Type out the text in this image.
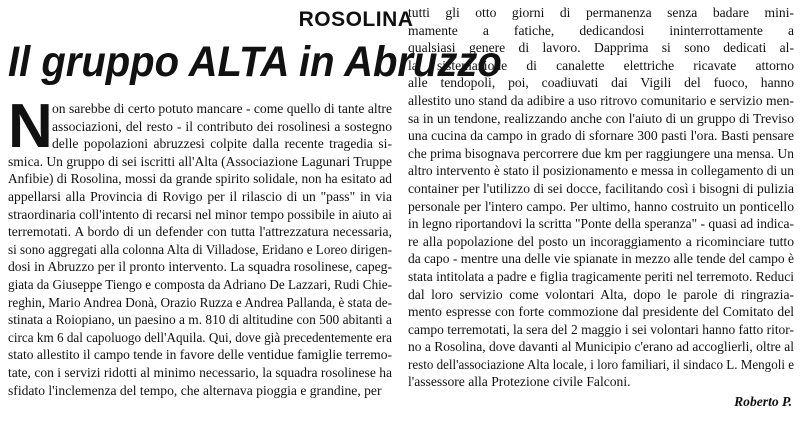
ROSOLINA
Il gruppo ALTA in Abruzzo
N on sarebbe di certo potuto mancare - come quello di tante altre
associazioni, del resto - il contributo dei rosolinesi a sostegno
delle popolazioni abruzzesi colpite dalla recente tragedia si-
smica. Un gruppo di sei iscritti all'Alta (Associazione Lagunari Truppe
Anfibie) di Rosolina, mossi da grande spirito solidale, non ha esitato ad
appellarsi alla Provincia di Rovigo per il rilascio di un "pass" in via
straordinaria coll'intento di recarsi nel minor tempo possibile in aiuto ai
terremotati. A bordo di un defender con tutta l'attrezzatura necessaria,
si sono aggregati alla colonna Alta di Villadose, Eridano e Loreo dirigen-
dosi in Abruzzo per il pronto intervento. La squadra rosolinese, capeg-
giata da Giuseppe Tiengo e composta da Adriano De Lazzari, Rudi Chie-
reghin, Mario Andrea Donà, Orazio Ruzza e Andrea Pallanda, è stata de-
stinata a Roiopiano, un paesino a m. 810 di altitudine con 500 abitanti a
circa km 6 dal capoluogo dell'Aquila. Qui, dove già precedentemente era
stato allestito il campo tende in favore delle ventidue famiglie terremo-
tate, con i servizi ridotti al minimo necessario, la squadra rosolinese ha
sfidato l'inclemenza del tempo, che alternava pioggia e grandine, per
tutti gli otto giorni di permanenza senza badare mini-
mamente a fatiche, dedicandosi ininterrottamente a
qualsiasi genere di lavoro. Dapprima si sono dedicati al-
la sistemazione di canalette elettriche ricavate attorno
alle tendopoli, poi, coadiuvati dai Vigili del fuoco, hanno
allestito uno stand da adibire a uso ritrovo comunitario e servizio men-
sa in un tendone, realizzando anche con l'aiuto di un gruppo di Treviso
una cucina da campo in grado di sfornare 300 pasti l'ora. Basti pensare
che prima bisognava percorrere due km per raggiungere una mensa. Un
altro intervento è stato il posizionamento e messa in collegamento di un
container per l'utilizzo di sei docce, facilitando così i bisogni di pulizia
personale per l'intero campo. Per ultimo, hanno costruito un ponticello
in legno riportandovi la scritta "Ponte della speranza" - quasi ad indica-
re alla popolazione del posto un incoraggiamento a ricominciare tutto
da capo - mentre una delle vie spianate in mezzo alle tende del campo è
stata intitolata a padre e figlia tragicamente periti nel terremoto. Reduci
dal loro servizio come volontari Alta, dopo le parole di ringrazia-
mento espresse con forte commozione dal presidente del Comitato del
campo terremotati, la sera del 2 maggio i sei volontari hanno fatto ritor-
no a Rosolina, dove davanti al Municipio c'erano ad accoglierli, oltre al
resto dell'associazione Alta locale, i loro familiari, il sindaco L. Mengoli e
l'assessore alla Protezione civile Falconi.
Roberto P.
